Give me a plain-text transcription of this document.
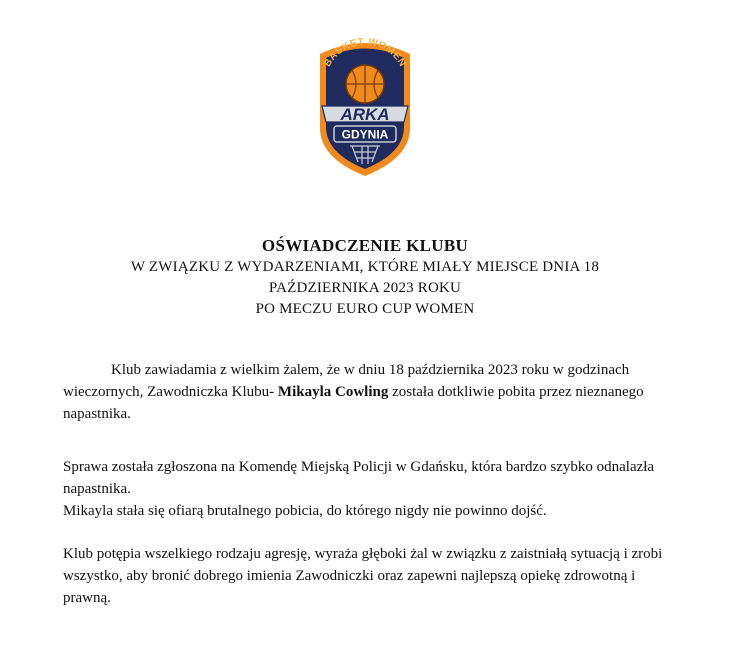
BASKET WOMEN
ARKA
GDYNIA
OŚWIADCZENIE KLUBU
W ZWIĄZKU Z WYDARZENIAMI, KTÓRE MIAŁY MIEJSCE DNIA 18
PAŹDZIERNIKA 2023 ROKU
PO MECZU EURO CUP WOMEN

Klub zawiadamia z wielkim żalem, że w dniu 18 października 2023 roku w godzinach wieczornych, Zawodniczka Klubu- Mikayla Cowling została dotkliwie pobita przez nieznanego napastnika.

Sprawa została zgłoszona na Komendę Miejską Policji w Gdańsku, która bardzo szybko odnalazła napastnika.

Mikayla stała się ofiarą brutalnego pobicia, do którego nigdy nie powinno dojść.

Klub potępia wszelkiego rodzaju agresję, wyraża głęboki żal w związku z zaistniałą sytuacją i zrobi wszystko, aby bronić dobrego imienia Zawodniczki oraz zapewni najlepszą opiekę zdrowotną i prawną.
